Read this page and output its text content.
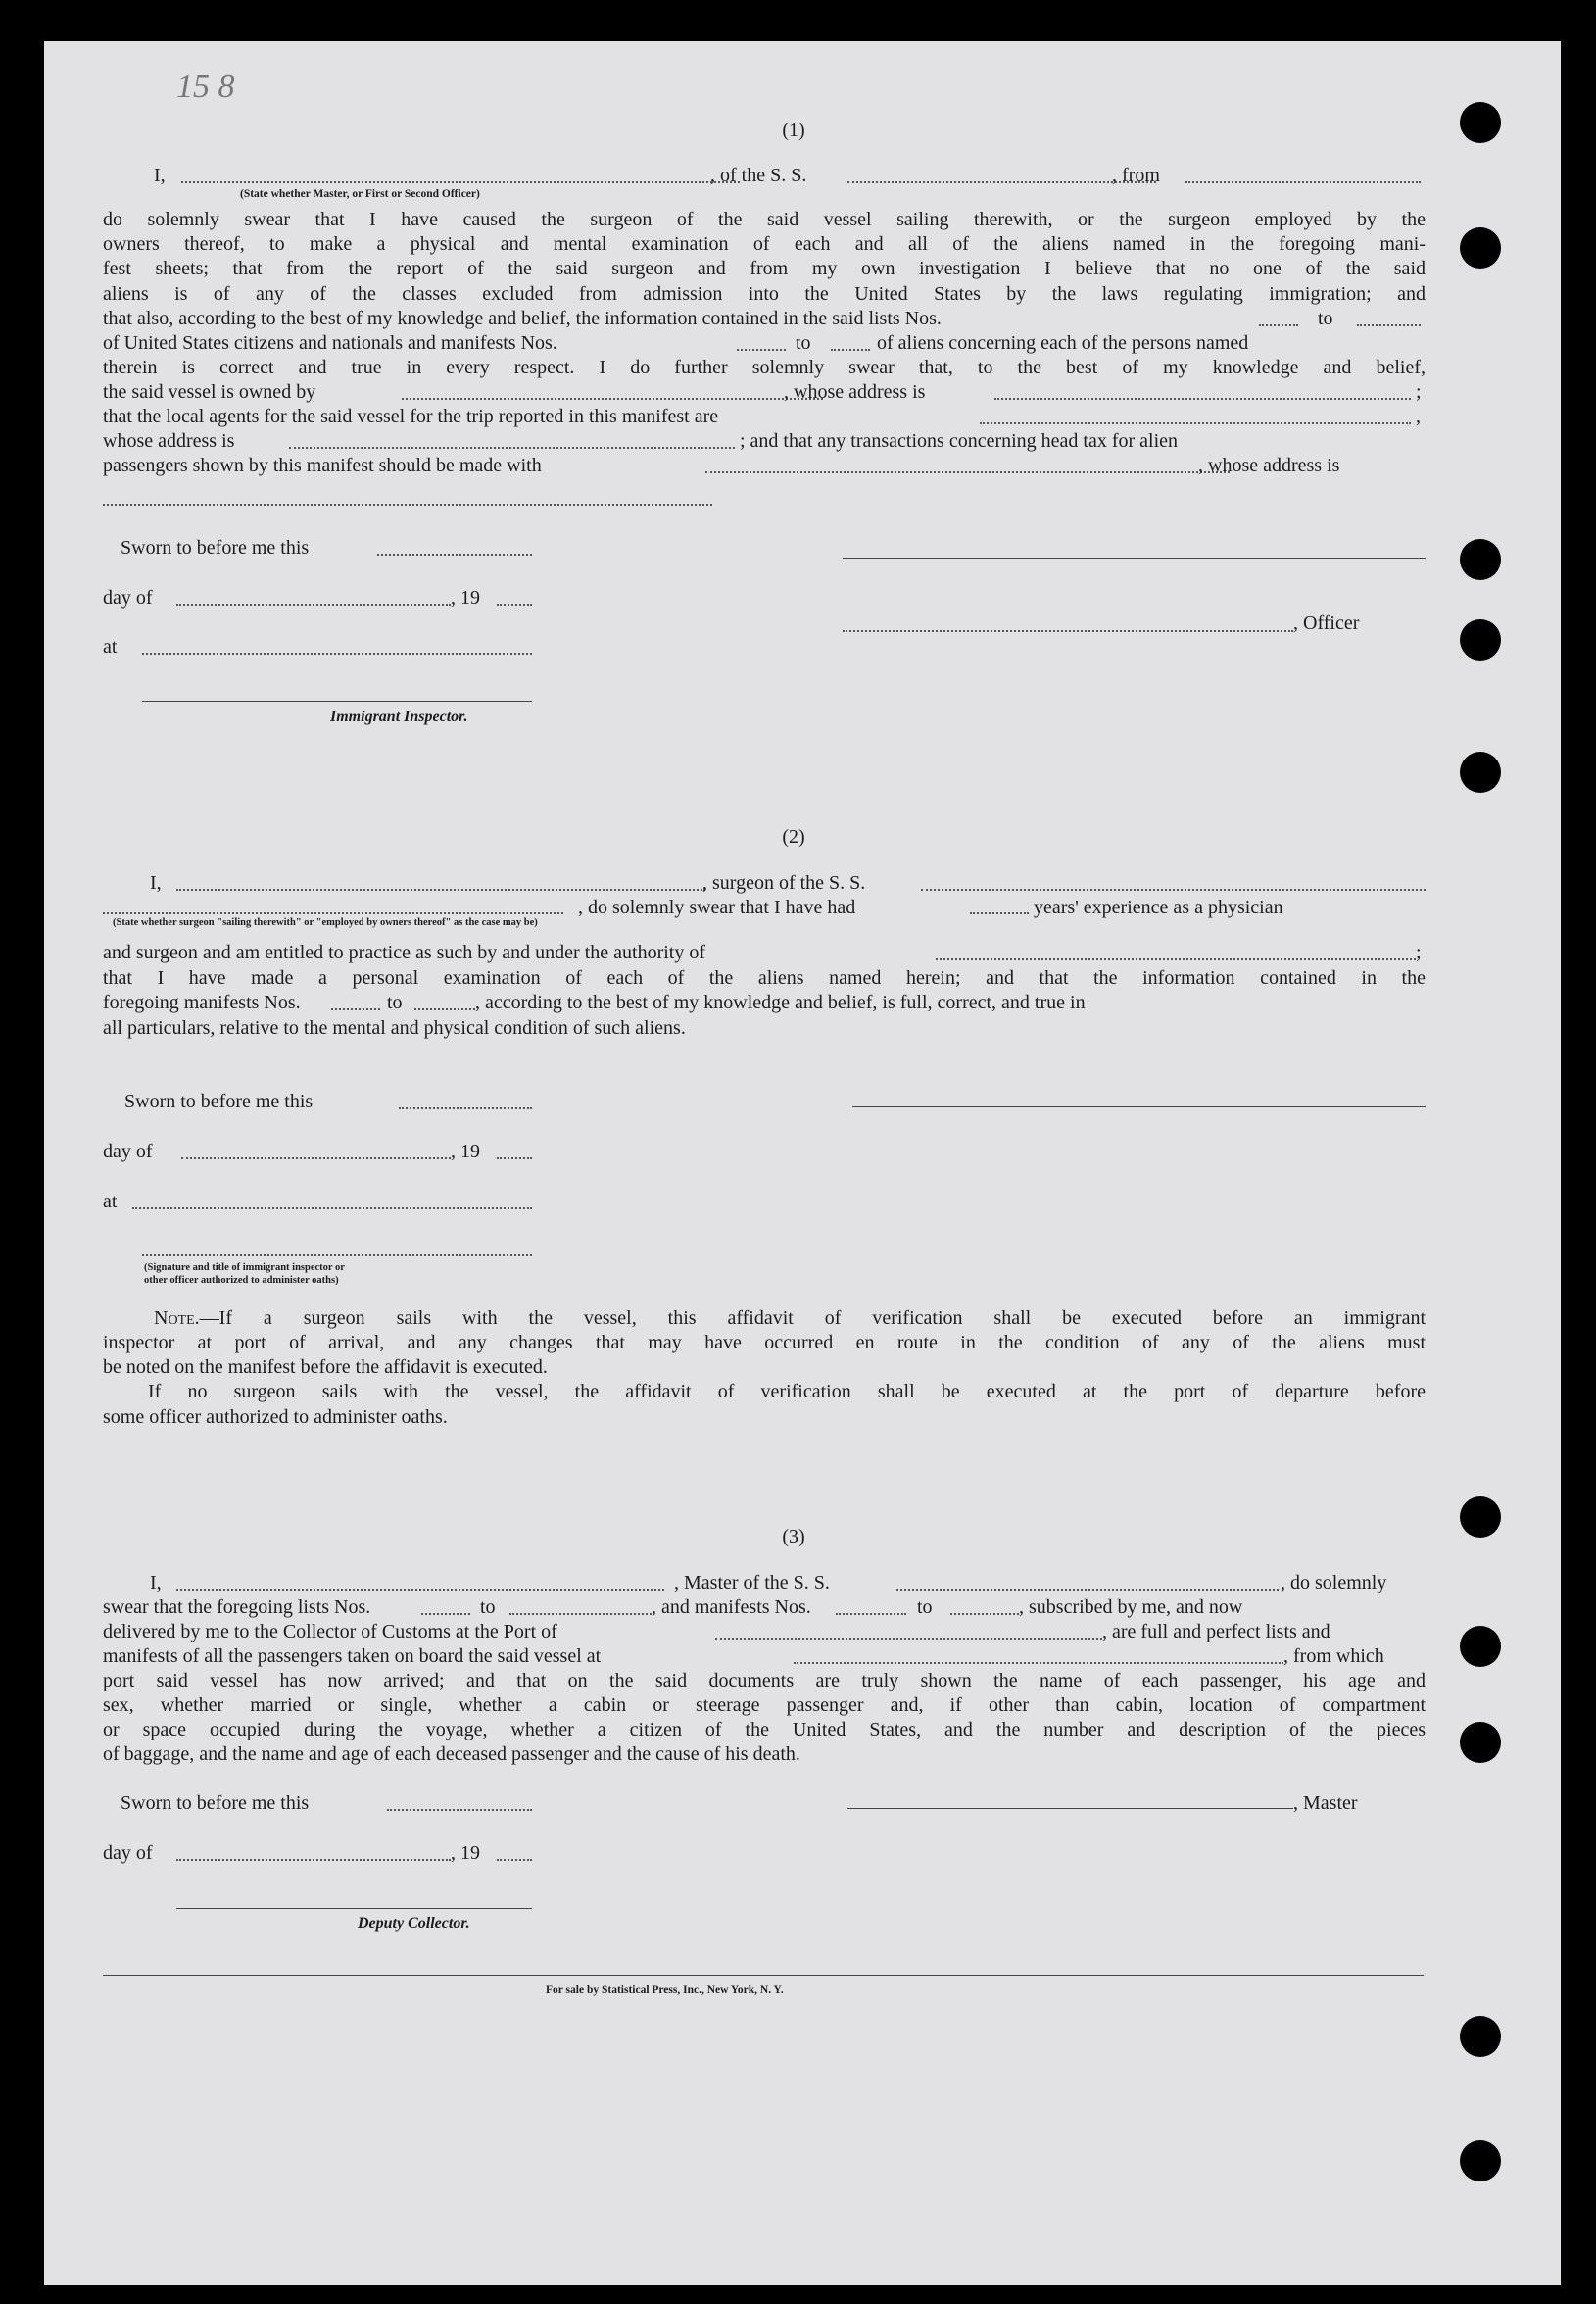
15 8
(1)
I,
(State whether Master, or First or Second Officer)
, of the S. S.	, from
do solemnly swear that I have caused the surgeon of the said vessel sailing therewith, or the surgeon employed by the
owners thereof, to make a physical and mental examination of each and all of the aliens named in the foregoing mani-
fest sheets; that from the report of the said surgeon and from my own investigation I believe that no one of the said
aliens is of any of the classes excluded from admission into the United States by the laws regulating immigration; and
that also, according to the best of my knowledge and belief, the information contained in the said lists Nos.	to
of United States citizens and nationals and manifests Nos.	to	of aliens concerning each of the persons named
therein is correct and true in every respect. I do further solemnly swear that, to the best of my knowledge and belief,
the said vessel is owned by	, whose address is	;
that the local agents for the said vessel for the trip reported in this manifest are	,
whose address is	; and that any transactions concerning head tax for alien
passengers shown by this manifest should be made with	, whose address is
Sworn to before me this
day of	, 19
, Officer
at
Immigrant Inspector.
(2)
I,	, surgeon of the S. S.
, do solemnly swear that I have had	years' experience as a physician
(State whether surgeon "sailing therewith" or "employed by owners thereof" as the case may be)
and surgeon and am entitled to practice as such by and under the authority of	;
that I have made a personal examination of each of the aliens named herein; and that the information contained in the
foregoing manifests Nos.	to	, according to the best of my knowledge and belief, is full, correct, and true in
all particulars, relative to the mental and physical condition of such aliens.
Sworn to before me this
day of	, 19
at
(Signature and title of immigrant inspector or
other officer authorized to administer oaths)
Note.—If a surgeon sails with the vessel, this affidavit of verification shall be executed before an immigrant
inspector at port of arrival, and any changes that may have occurred en route in the condition of any of the aliens must
be noted on the manifest before the affidavit is executed.
If no surgeon sails with the vessel, the affidavit of verification shall be executed at the port of departure before
some officer authorized to administer oaths.
(3)
I,	, Master of the S. S.	, do solemnly
swear that the foregoing lists Nos.	to	, and manifests Nos.	to	, subscribed by me, and now
delivered by me to the Collector of Customs at the Port of	, are full and perfect lists and
manifests of all the passengers taken on board the said vessel at	, from which
port said vessel has now arrived; and that on the said documents are truly shown the name of each passenger, his age and
sex, whether married or single, whether a cabin or steerage passenger and, if other than cabin, location of compartment
or space occupied during the voyage, whether a citizen of the United States, and the number and description of the pieces
of baggage, and the name and age of each deceased passenger and the cause of his death.
Sworn to before me this	, Master
day of	, 19
Deputy Collector.
For sale by Statistical Press, Inc., New York, N. Y.
